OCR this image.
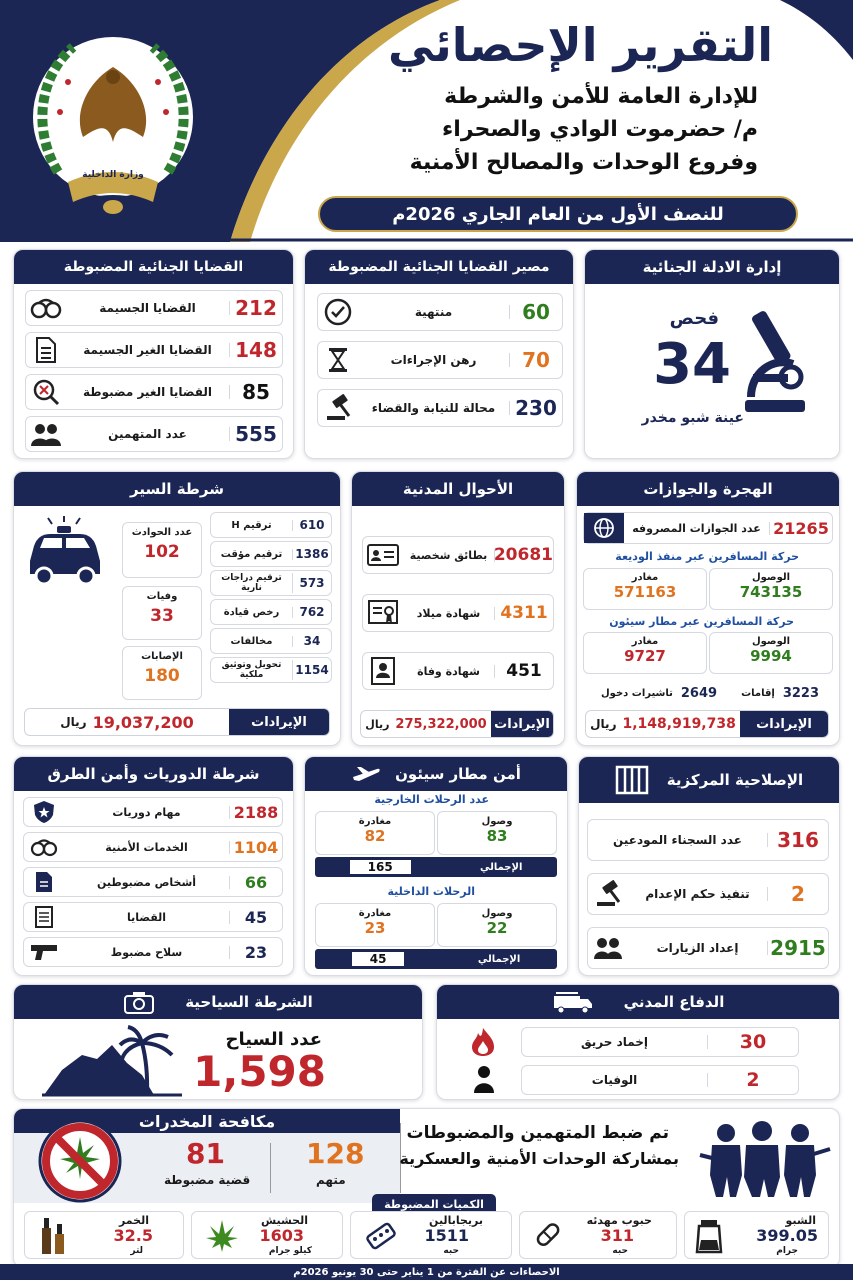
وزارة الداخلية
التقرير الإحصائي
للإدارة العامة للأمن والشرطة
م/ حضرموت الوادي والصحراء
وفروع الوحدات والمصالح الأمنية
للنصف الأول من العام الجاري 2026م
إدارة الادلة الجنائية
فحص
34
عينة شبو مخدر
مصير القضايا الجنائية المضبوطة
60
منتهية
70
رهن الإجراءات
230
محالة للنيابة والقضاء
القضايا الجنائية المضبوطة
212
القضايا الجسيمة
148
القضايا الغير الجسيمة
85
القضايا الغير مضبوطة
555
عدد المتهمين
الهجرة والجوازات
21265
عدد الجوازات المصروفه
حركة المسافرين عبر منفذ الوديعة
الوصول
743135
مغادر
571163
حركة المسافرين عبر مطار سيئون
الوصول
9994
مغادر
9727
3223
إقامات
2649
تاشيرات دخول
الإيرادات
1,148,919,738
ريال
الأحوال المدنية
20681
بطائق شخصية
4311
شهادة ميلاد
451
شهادة وفاة
الإيرادات
275,322,000
ريال
شرطة السير
610
ترقيم H
1386
ترقيم مؤقت
573
ترقيم دراجات نارية
762
رخص قيادة
34
مخالفات
1154
تحويل وتوثيق ملكية
عدد الحوادث
102
وفيات
33
الإصابات
180
الإيرادات
19,037,200
ريال
الإصلاحية المركزية
316
عدد السجناء المودعين
2
تنفيذ حكم الإعدام
2915
إعداد الزيارات
أمن مطار سيئون
عدد الرحلات الخارجية
وصول
83
مغادرة
82
الإجمالي
165
الرحلات الداخلية
وصول
22
مغادرة
23
الإجمالي
45
شرطة الدوريات وأمن الطرق
2188
مهام دوريات
1104
الخدمات الأمنية
66
أشخاص مضبوطين
45
القضايا
23
سلاح مضبوط
الدفاع المدني
30
إخماد حريق
2
الوفيات
الشرطة السياحية
عدد السياح
1,598
مكافحة المخدرات
128
متهم
81
قضية مضبوطة
تم ضبط المتهمين والمضبوطات
بمشاركة الوحدات الأمنية والعسكرية
الكميات المضبوطة
الشبو
399.05
جرام
حبوب مهدئه
311
حبه
بريجابالين
1511
حبه
الحشيش
1603
كيلو جرام
الخمر
32.5
لتر
الاحصاءات عن الفترة من 1 يناير حتى 30 يونيو 2026م
